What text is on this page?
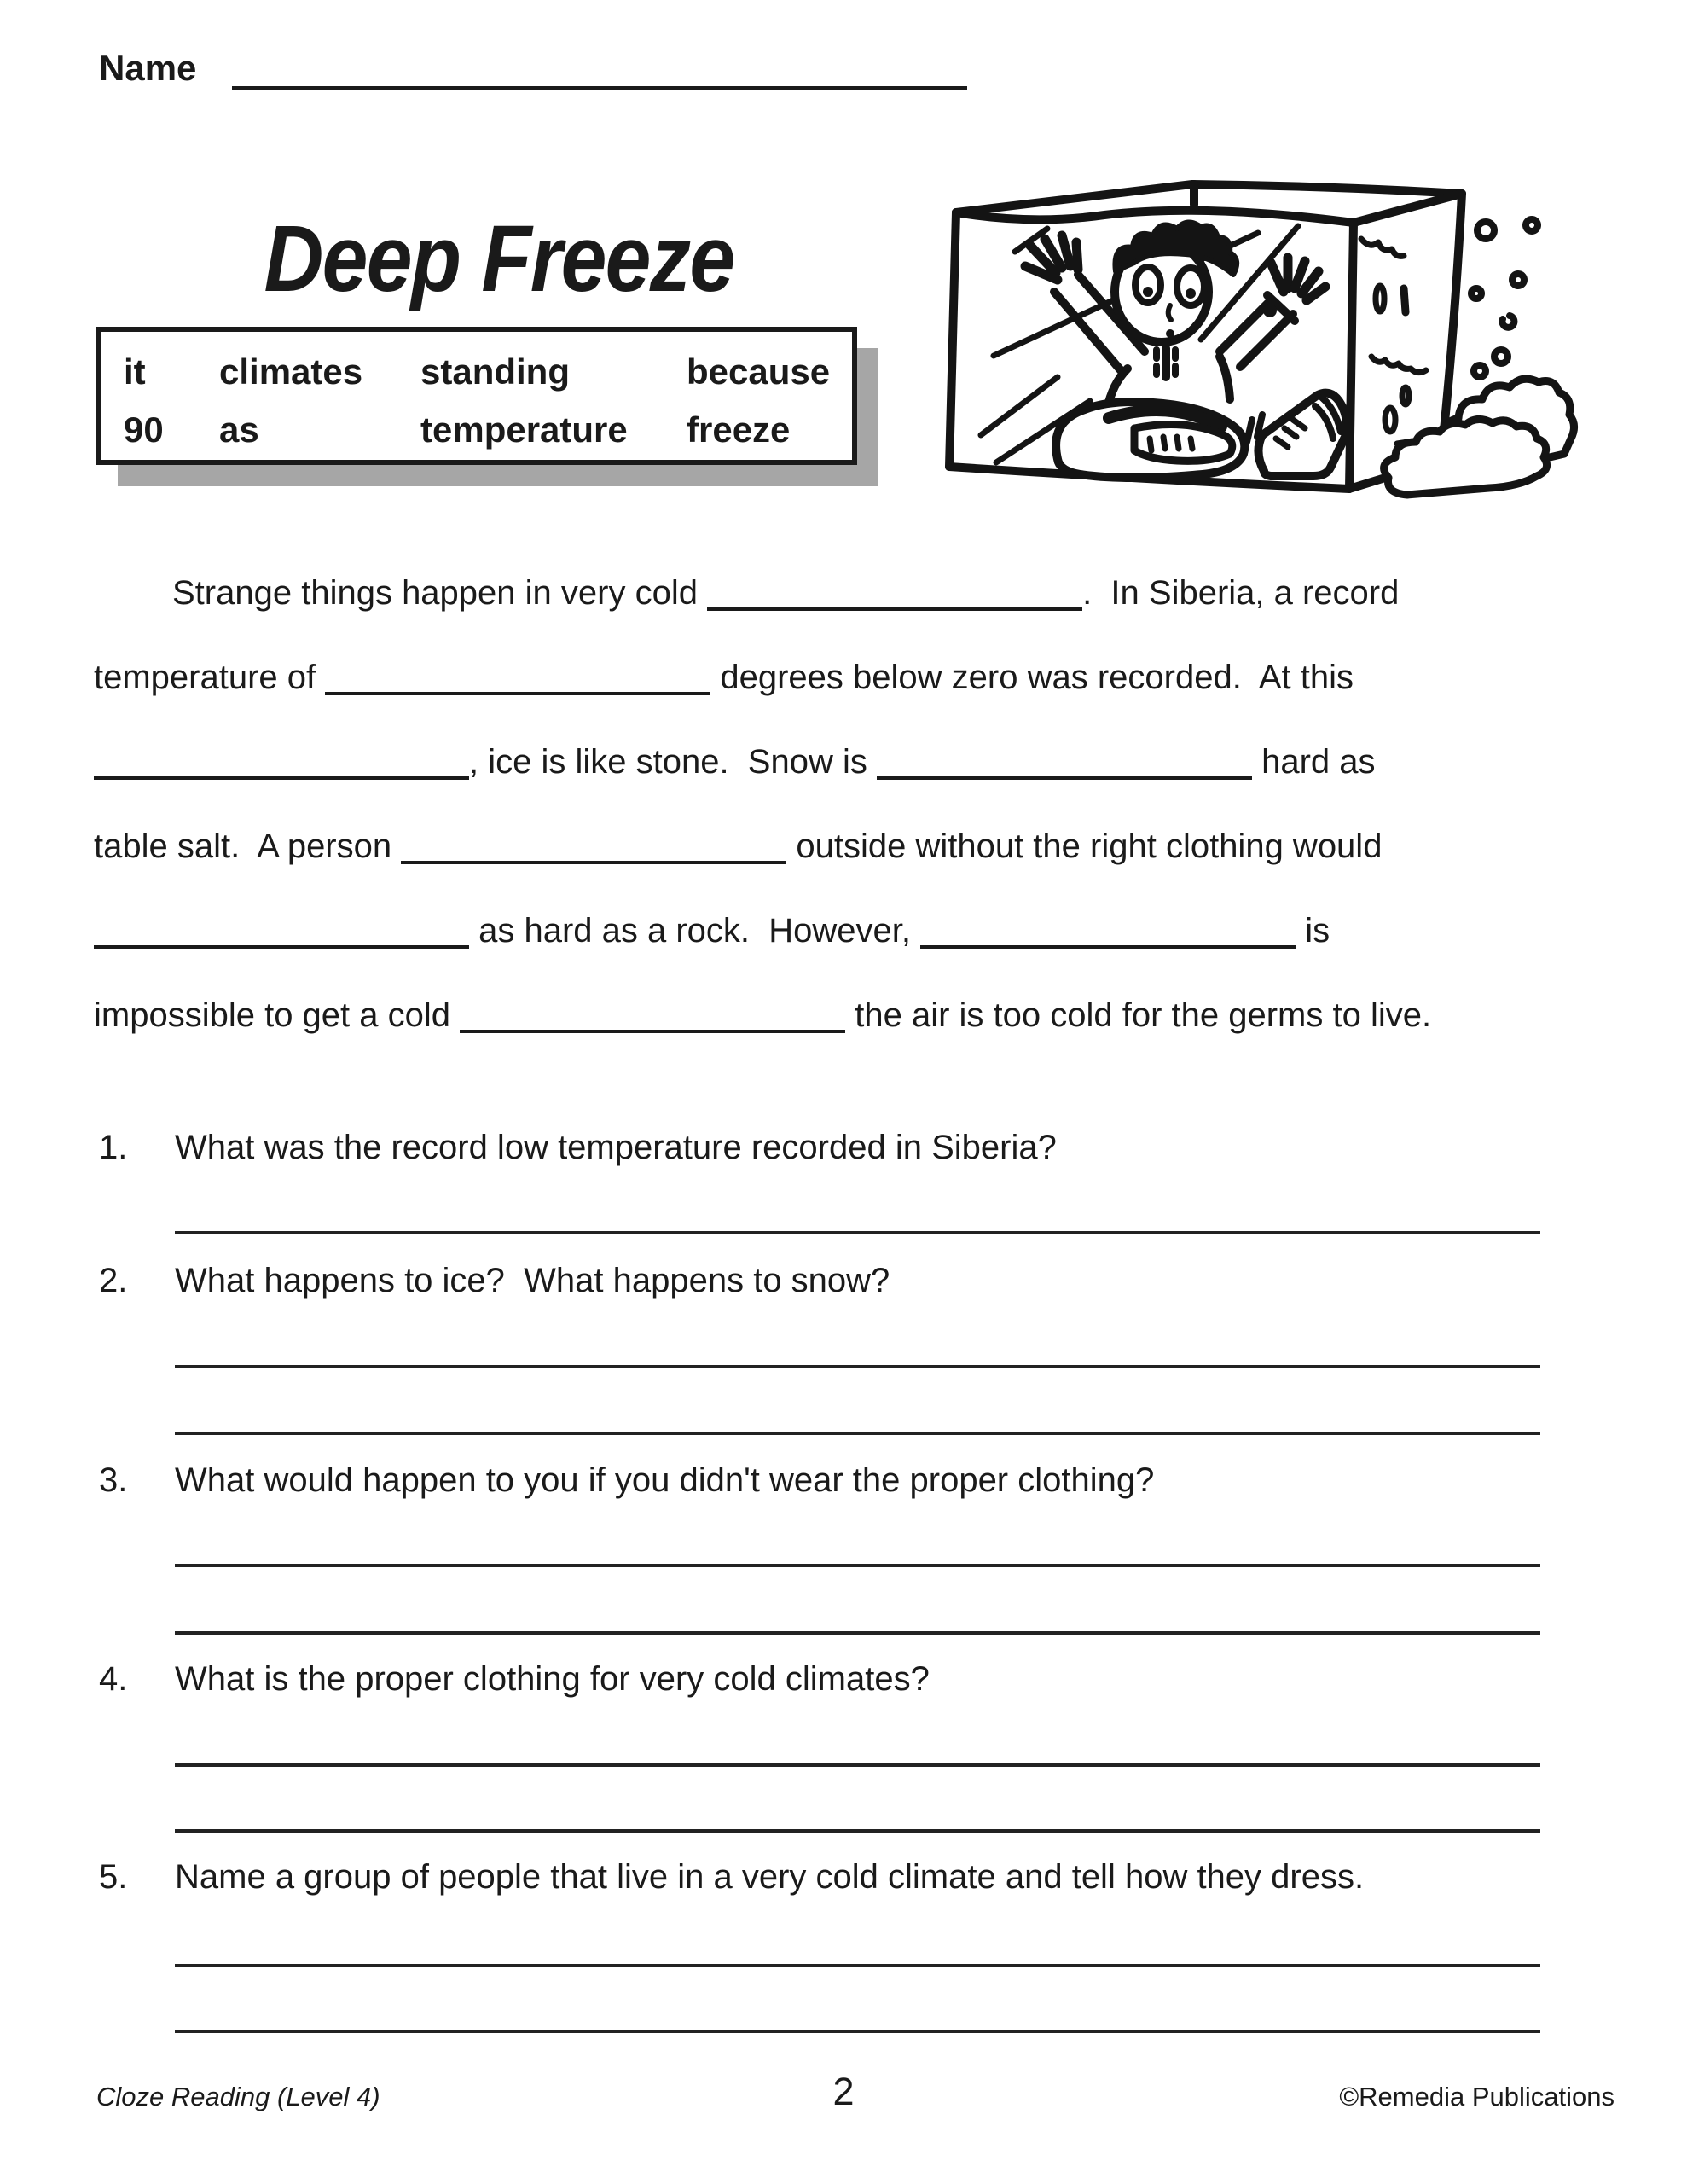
Name
Deep Freeze
it	climates	standing	because
90	as	temperature	freeze
Strange things happen in very cold	.  In Siberia, a record
temperature of	degrees below zero was recorded.  At this
, ice is like stone.  Snow is	hard as
table salt.  A person	outside without the right clothing would
as hard as a rock.  However,	is
impossible to get a cold	the air is too cold for the germs to live.
1. What was the record low temperature recorded in Siberia?
2. What happens to ice?  What happens to snow?
3. What would happen to you if you didn't wear the proper clothing?
4. What is the proper clothing for very cold climates?
5. Name a group of people that live in a very cold climate and tell how they dress.
Cloze Reading (Level 4)	2	©Remedia Publications
